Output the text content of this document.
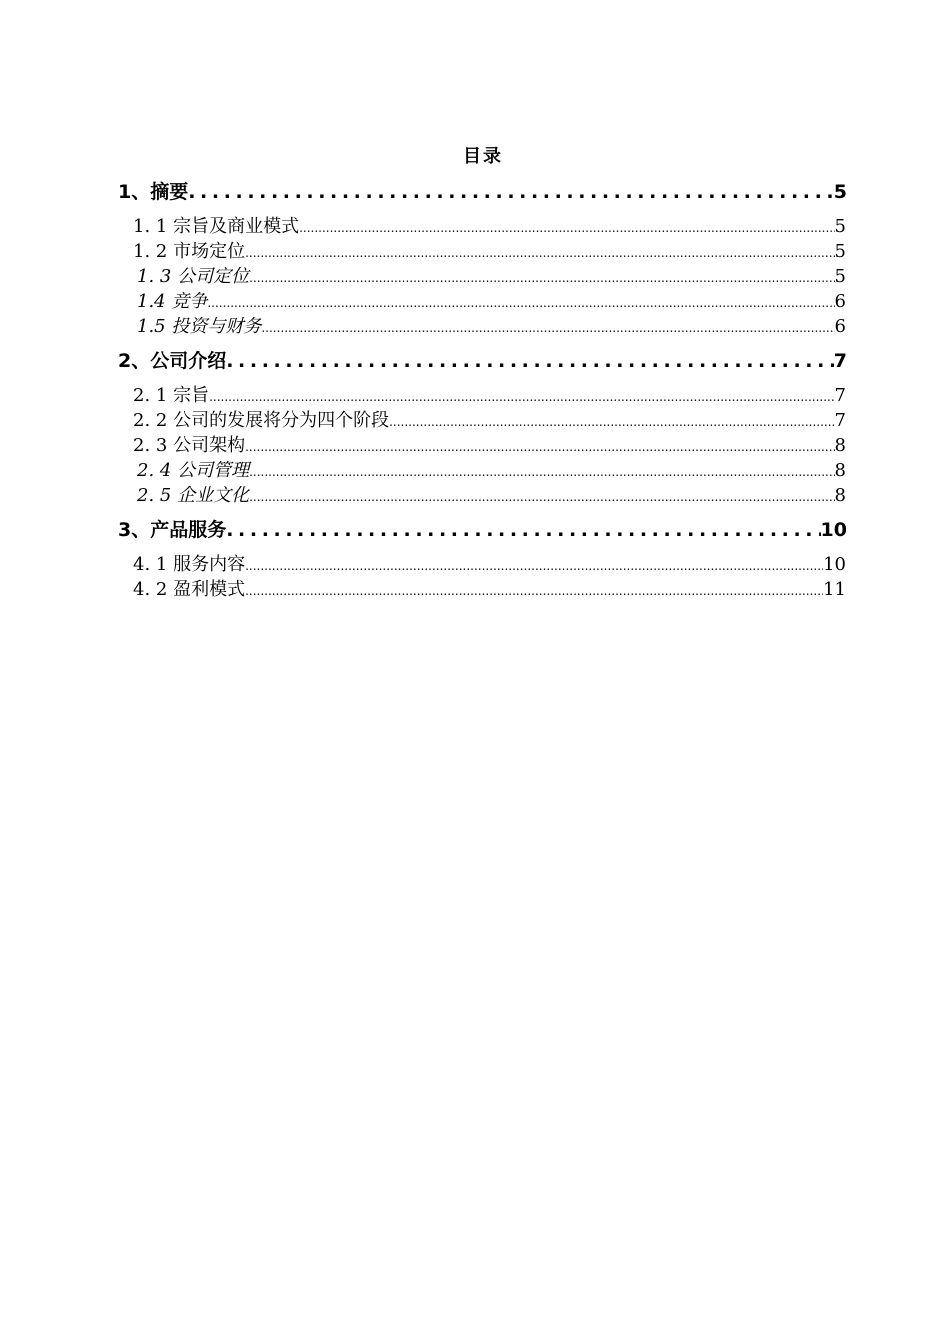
目录
1、摘要 .....	5
1. 1 宗旨及商业模式 .....	5
1. 2 市场定位 .....	5
1. 3 公司定位 .....	5
1.4 竞争 .....	6
1.5 投资与财务 .....	6
2、公司介绍 .....	7
2. 1 宗旨 .....	7
2. 2 公司的发展将分为四个阶段 .....	7
2. 3 公司架构 .....	8
2. 4 公司管理 .....	8
2. 5 企业文化 .....	8
3、产品服务 .....	10
4. 1 服务内容 .....	10
4. 2 盈利模式 .....	11
